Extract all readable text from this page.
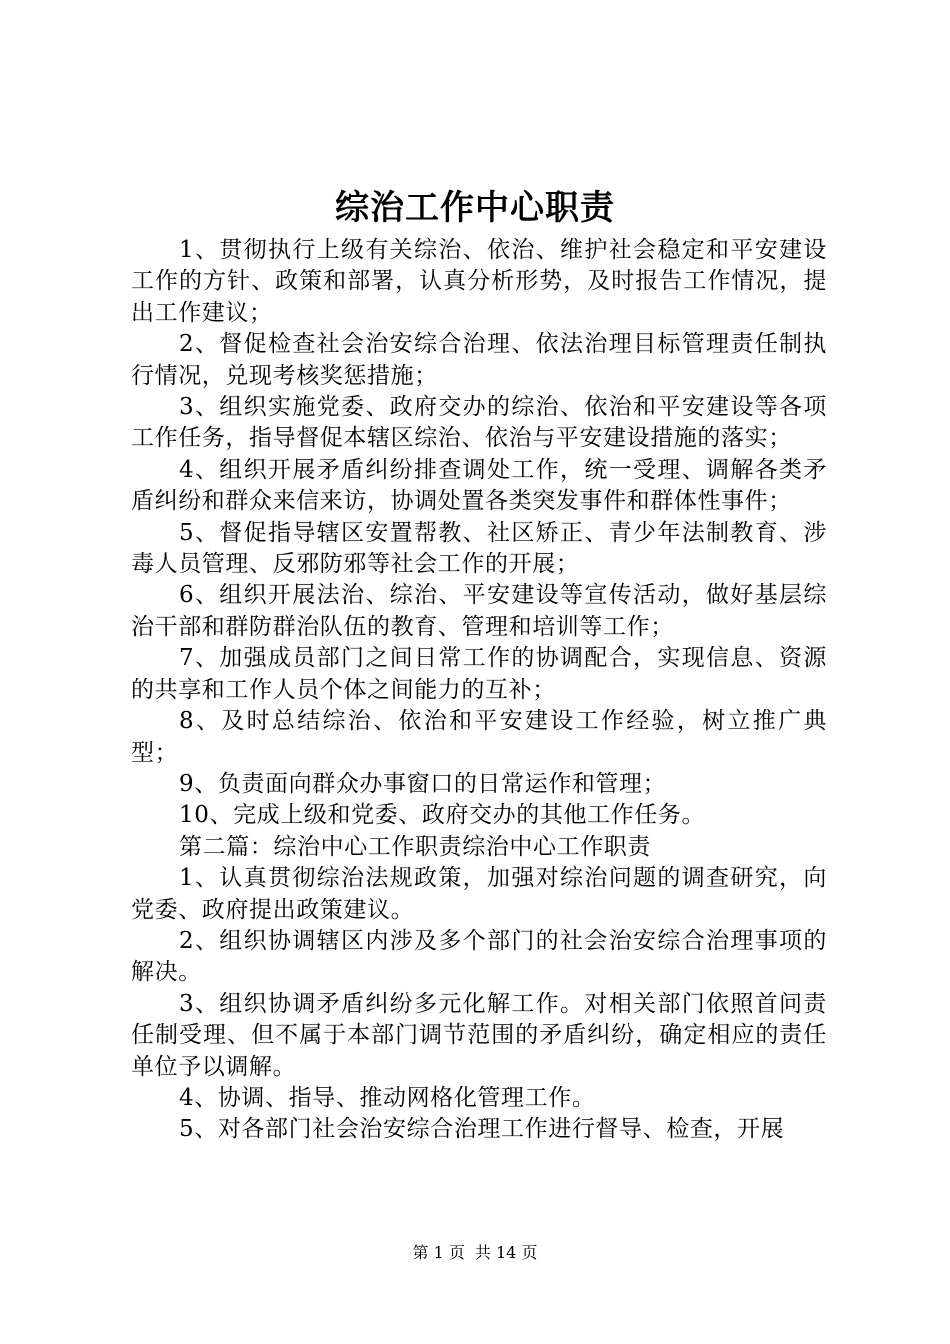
综治工作中心职责

1、贯彻执行上级有关综治、依治、维护社会稳定和平安建设工作的方针、政策和部署，认真分析形势，及时报告工作情况，提出工作建议；

2、督促检查社会治安综合治理、依法治理目标管理责任制执行情况，兑现考核奖惩措施；

3、组织实施党委、政府交办的综治、依治和平安建设等各项工作任务，指导督促本辖区综治、依治与平安建设措施的落实；

4、组织开展矛盾纠纷排查调处工作，统一受理、调解各类矛盾纠纷和群众来信来访，协调处置各类突发事件和群体性事件；

5、督促指导辖区安置帮教、社区矫正、青少年法制教育、涉毒人员管理、反邪防邪等社会工作的开展；

6、组织开展法治、综治、平安建设等宣传活动，做好基层综治干部和群防群治队伍的教育、管理和培训等工作；

7、加强成员部门之间日常工作的协调配合，实现信息、资源的共享和工作人员个体之间能力的互补；

8、及时总结综治、依治和平安建设工作经验，树立推广典型；

9、负责面向群众办事窗口的日常运作和管理；

10、完成上级和党委、政府交办的其他工作任务。

第二篇：综治中心工作职责综治中心工作职责

1、认真贯彻综治法规政策，加强对综治问题的调查研究，向党委、政府提出政策建议。

2、组织协调辖区内涉及多个部门的社会治安综合治理事项的解决。

3、组织协调矛盾纠纷多元化解工作。对相关部门依照首问责任制受理、但不属于本部门调节范围的矛盾纠纷，确定相应的责任单位予以调解。

4、协调、指导、推动网格化管理工作。

5、对各部门社会治安综合治理工作进行督导、检查，开展

第 1 页 共 14 页
